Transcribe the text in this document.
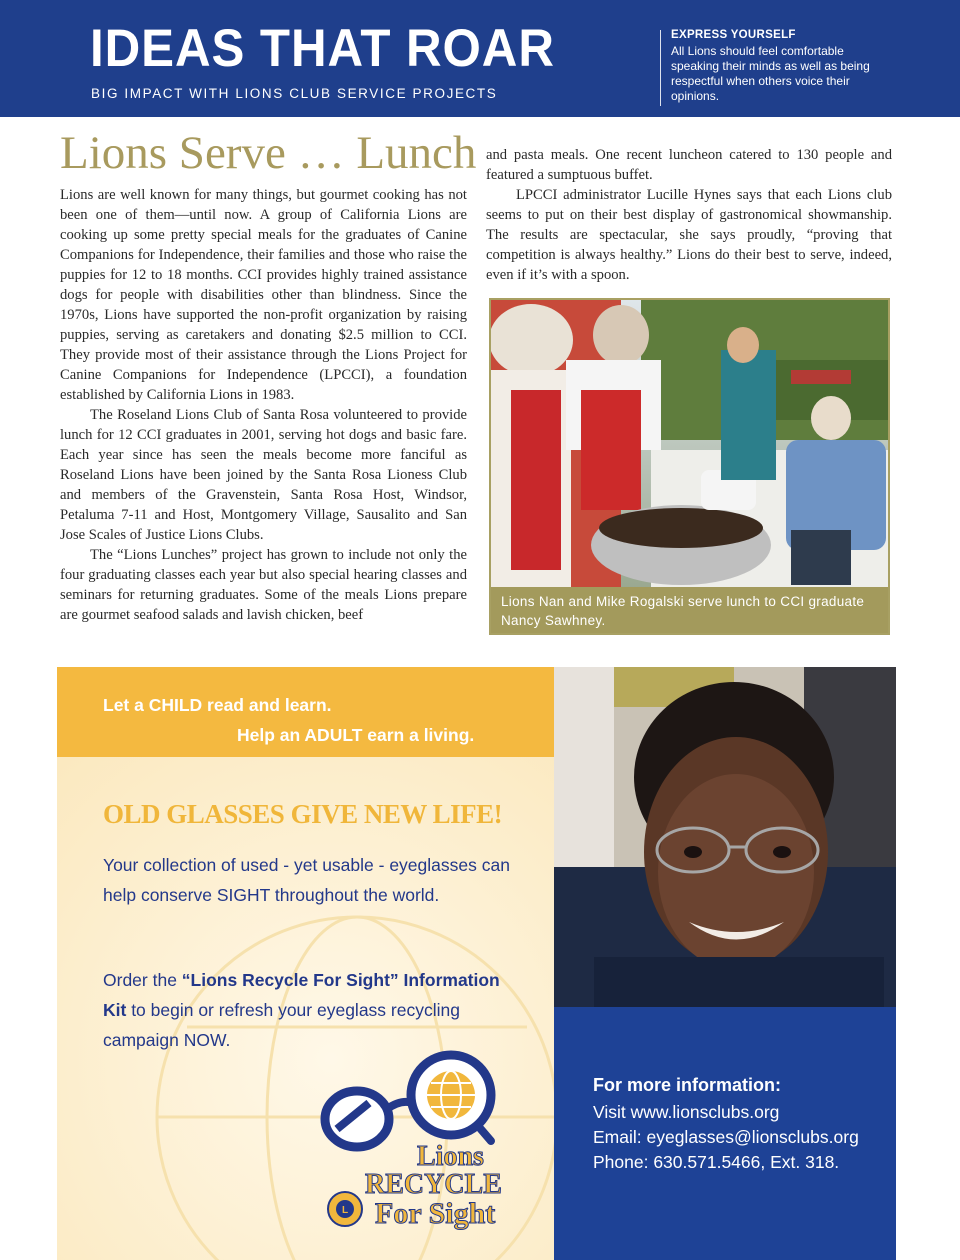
IDEAS THAT ROAR
BIG IMPACT WITH LIONS CLUB SERVICE PROJECTS
EXPRESS YOURSELF
All Lions should feel comfortable speaking their minds as well as being respectful when others voice their opinions.
Lions Serve … Lunch

Lions are well known for many things, but gourmet cooking has not been one of them—until now. A group of California Lions are cooking up some pretty special meals for the graduates of Canine Companions for Independence, their families and those who raise the puppies for 12 to 18 months. CCI provides highly trained assistance dogs for people with disabilities other than blindness. Since the 1970s, Lions have supported the non-profit organization by raising puppies, serving as caretakers and donating $2.5 million to CCI. They provide most of their assistance through the Lions Project for Canine Companions for Independence (LPCCI), a foundation established by California Lions in 1983.

The Roseland Lions Club of Santa Rosa volunteered to provide lunch for 12 CCI graduates in 2001, serving hot dogs and basic fare. Each year since has seen the meals become more fanciful as Roseland Lions have been joined by the Santa Rosa Lioness Club and members of the Gravenstein, Santa Rosa Host, Windsor, Petaluma 7-11 and Host, Montgomery Village, Sausalito and San Jose Scales of Justice Lions Clubs.

The “Lions Lunches” project has grown to include not only the four graduating classes each year but also special hearing classes and seminars for returning graduates. Some of the meals Lions prepare are gourmet seafood salads and lavish chicken, beef

and pasta meals. One recent luncheon catered to 130 people and featured a sumptuous buffet.

LPCCI administrator Lucille Hynes says that each Lions club seems to put on their best display of gastronomical showmanship. The results are spectacular, she says proudly, “proving that competition is always healthy.” Lions do their best to serve, indeed, even if it’s with a spoon.

Lions Nan and Mike Rogalski serve lunch to CCI graduate Nancy Sawhney.
Let a CHILD read and learn.
Help an ADULT earn a living.
OLD GLASSES GIVE NEW LIFE!
Your collection of used - yet usable - eyeglasses can help conserve SIGHT throughout the world.
Order the “Lions Recycle For Sight” Information Kit to begin or refresh your eyeglass recycling campaign NOW.
L
Lions
RECYCLE
For Sight
For more information:
Visit www.lionsclubs.org
Email: eyeglasses@lionsclubs.org
Phone: 630.571.5466, Ext. 318.
